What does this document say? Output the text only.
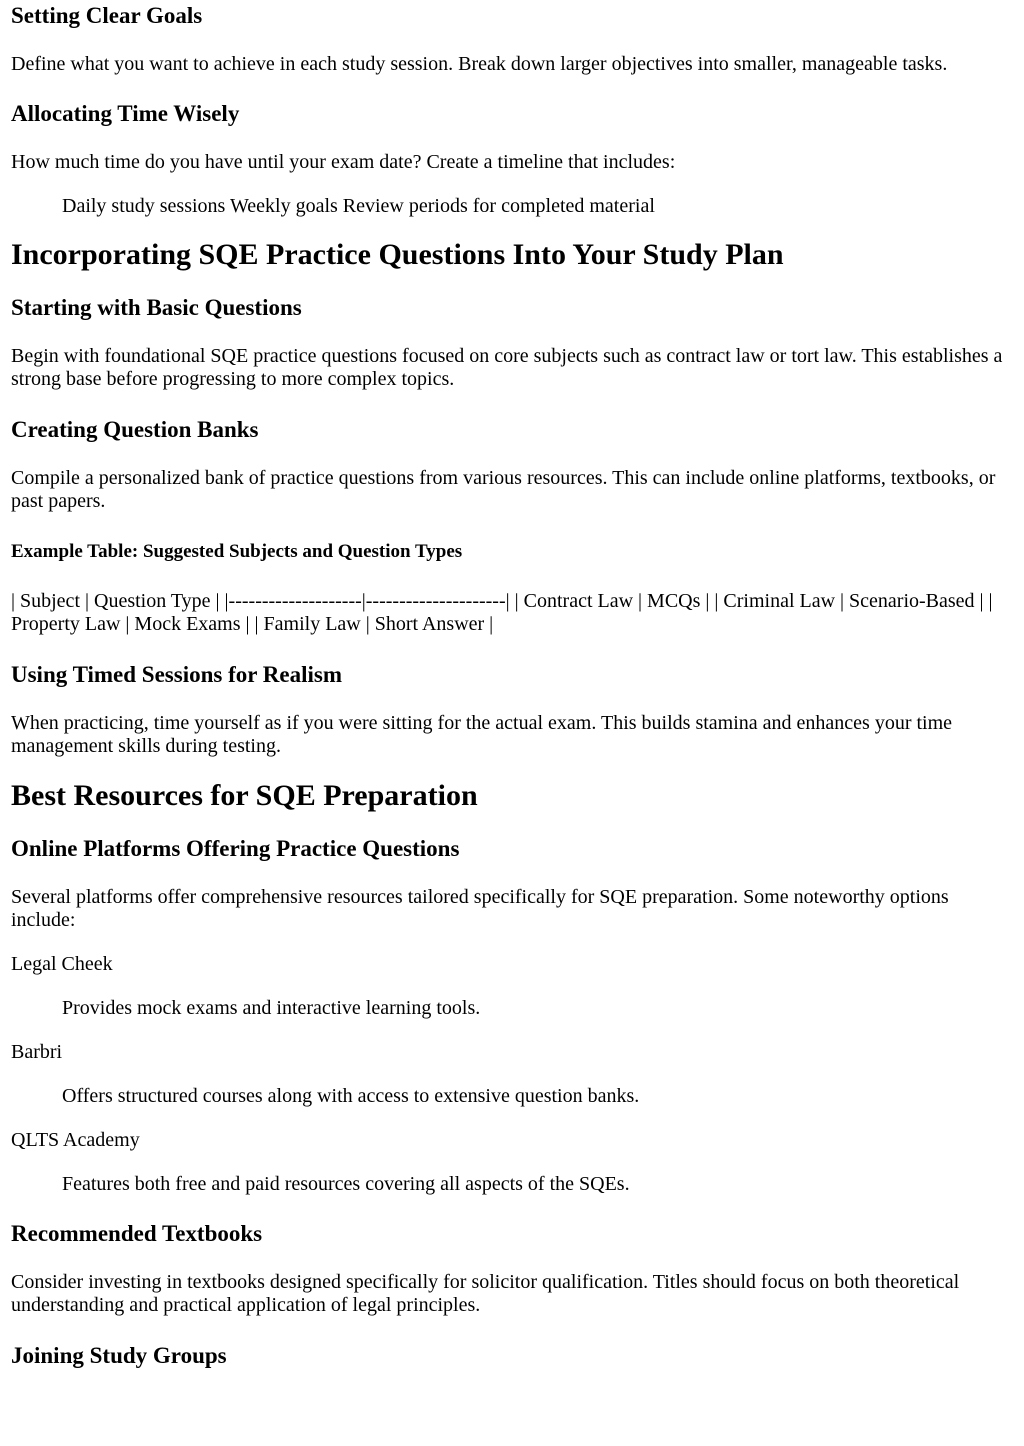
Setting Clear Goals

Define what you want to achieve in each study session. Break down larger objectives into smaller, manageable tasks.

Allocating Time Wisely

How much time do you have until your exam date? Create a timeline that includes:

Daily study sessions Weekly goals Review periods for completed material

Incorporating SQE Practice Questions Into Your Study Plan
Starting with Basic Questions

Begin with foundational SQE practice questions focused on core subjects such as contract law or tort law. This establishes a strong base before progressing to more complex topics.

Creating Question Banks

Compile a personalized bank of practice questions from various resources. This can include online platforms, textbooks, or past papers.

Example Table: Suggested Subjects and Question Types

| Subject | Question Type | |--------------------|---------------------| | Contract Law | MCQs | | Criminal Law | Scenario-Based | | Property Law | Mock Exams | | Family Law | Short Answer |

Using Timed Sessions for Realism

When practicing, time yourself as if you were sitting for the actual exam. This builds stamina and enhances your time management skills during testing.

Best Resources for SQE Preparation
Online Platforms Offering Practice Questions

Several platforms offer comprehensive resources tailored specifically for SQE preparation. Some noteworthy options include:

Legal Cheek

Provides mock exams and interactive learning tools.

Barbri

Offers structured courses along with access to extensive question banks.

QLTS Academy

Features both free and paid resources covering all aspects of the SQEs.

Recommended Textbooks

Consider investing in textbooks designed specifically for solicitor qualification. Titles should focus on both theoretical understanding and practical application of legal principles.

Joining Study Groups
